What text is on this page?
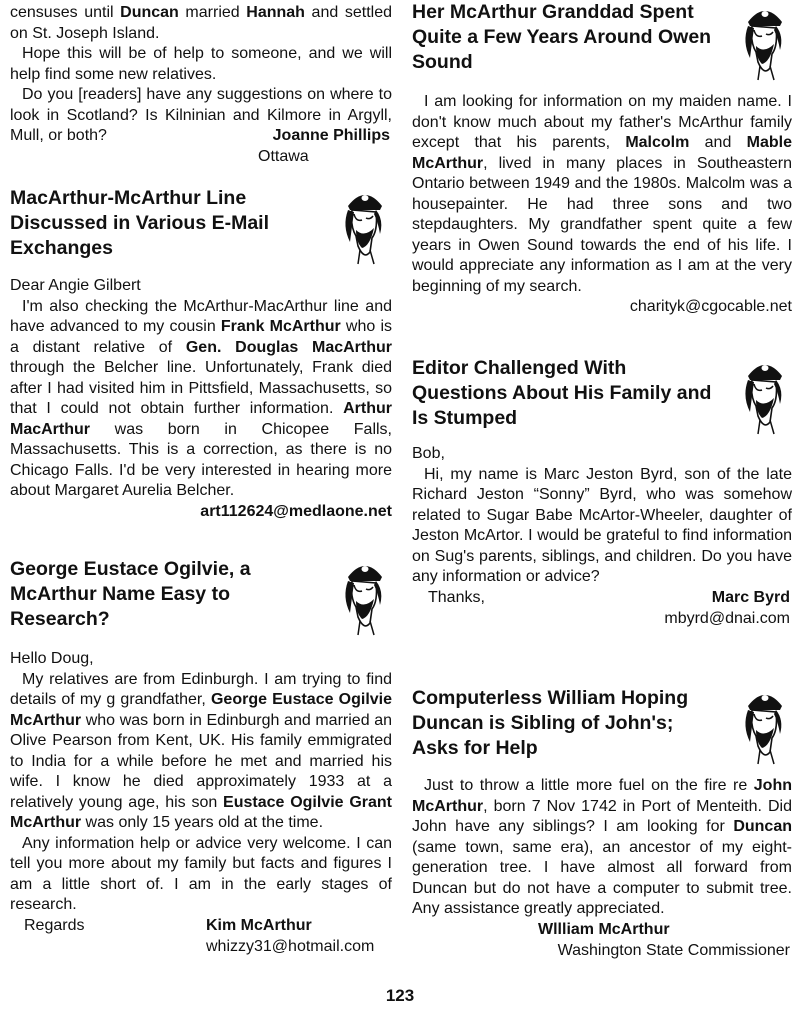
censuses until Duncan married Hannah and settled on St. Joseph Island.

Hope this will be of help to someone, and we will help find some new relatives.

Do you [readers] have any suggestions on where to look in Scotland? Is Kilninian and Kilmore in Argyll, Mull, or both?	Joanne Phillips
Ottawa
MacArthur-McArthur Line Discussed in Various E-Mail Exchanges

Dear Angie Gilbert

I'm also checking the McArthur-MacArthur line and have advanced to my cousin Frank McArthur who is a distant relative of Gen. Douglas MacArthur through the Belcher line. Unfortunately, Frank died after I had visited him in Pittsfield, Massachusetts, so that I could not obtain further information. Arthur MacArthur was born in Chicopee Falls, Massachusetts. This is a correction, as there is no Chicago Falls. I'd be very interested in hearing more about Margaret Aurelia Belcher.

art112624@medlaone.net
George Eustace Ogilvie, a McArthur Name Easy to Research?

Hello Doug,

My relatives are from Edinburgh. I am trying to find details of my g grandfather, George Eustace Ogilvie McArthur who was born in Edinburgh and married an Olive Pearson from Kent, UK. His family emmigrated to India for a while before he met and married his wife. I know he died approximately 1933 at a relatively young age, his son Eustace Ogilvie Grant McArthur was only 15 years old at the time.

Any information help or advice very welcome. I can tell you more about my family but facts and figures I am a little short of. I am in the early stages of research.

Regards	Kim McArthur
whizzy31@hotmail.com
Her McArthur Granddad Spent Quite a Few Years Around Owen Sound

I am looking for information on my maiden name. I don't know much about my father's McArthur family except that his parents, Malcolm and Mable McArthur, lived in many places in Southeastern Ontario between 1949 and the 1980s. Malcolm was a housepainter. He had three sons and two stepdaughters. My grandfather spent quite a few years in Owen Sound towards the end of his life. I would appreciate any information as I am at the very beginning of my search.

charityk@cgocable.net
Editor Challenged With Questions About His Family and Is Stumped

Bob,

Hi, my name is Marc Jeston Byrd, son of the late Richard Jeston “Sonny” Byrd, who was somehow related to Sugar Babe McArtor-Wheeler, daughter of Jeston McArtor. I would be grateful to find information on Sug's parents, siblings, and children. Do you have any information or advice?

Thanks,	Marc Byrd
mbyrd@dnai.com
Computerless William Hoping Duncan is Sibling of John's; Asks for Help

Just to throw a little more fuel on the fire re John McArthur, born 7 Nov 1742 in Port of Menteith. Did John have any siblings? I am looking for Duncan (same town, same era), an ancestor of my eight-generation tree. I have almost all forward from Duncan but do not have a computer to submit tree. Any assistance greatly appreciated.

Wllliam McArthur
Washington State Commissioner
123
